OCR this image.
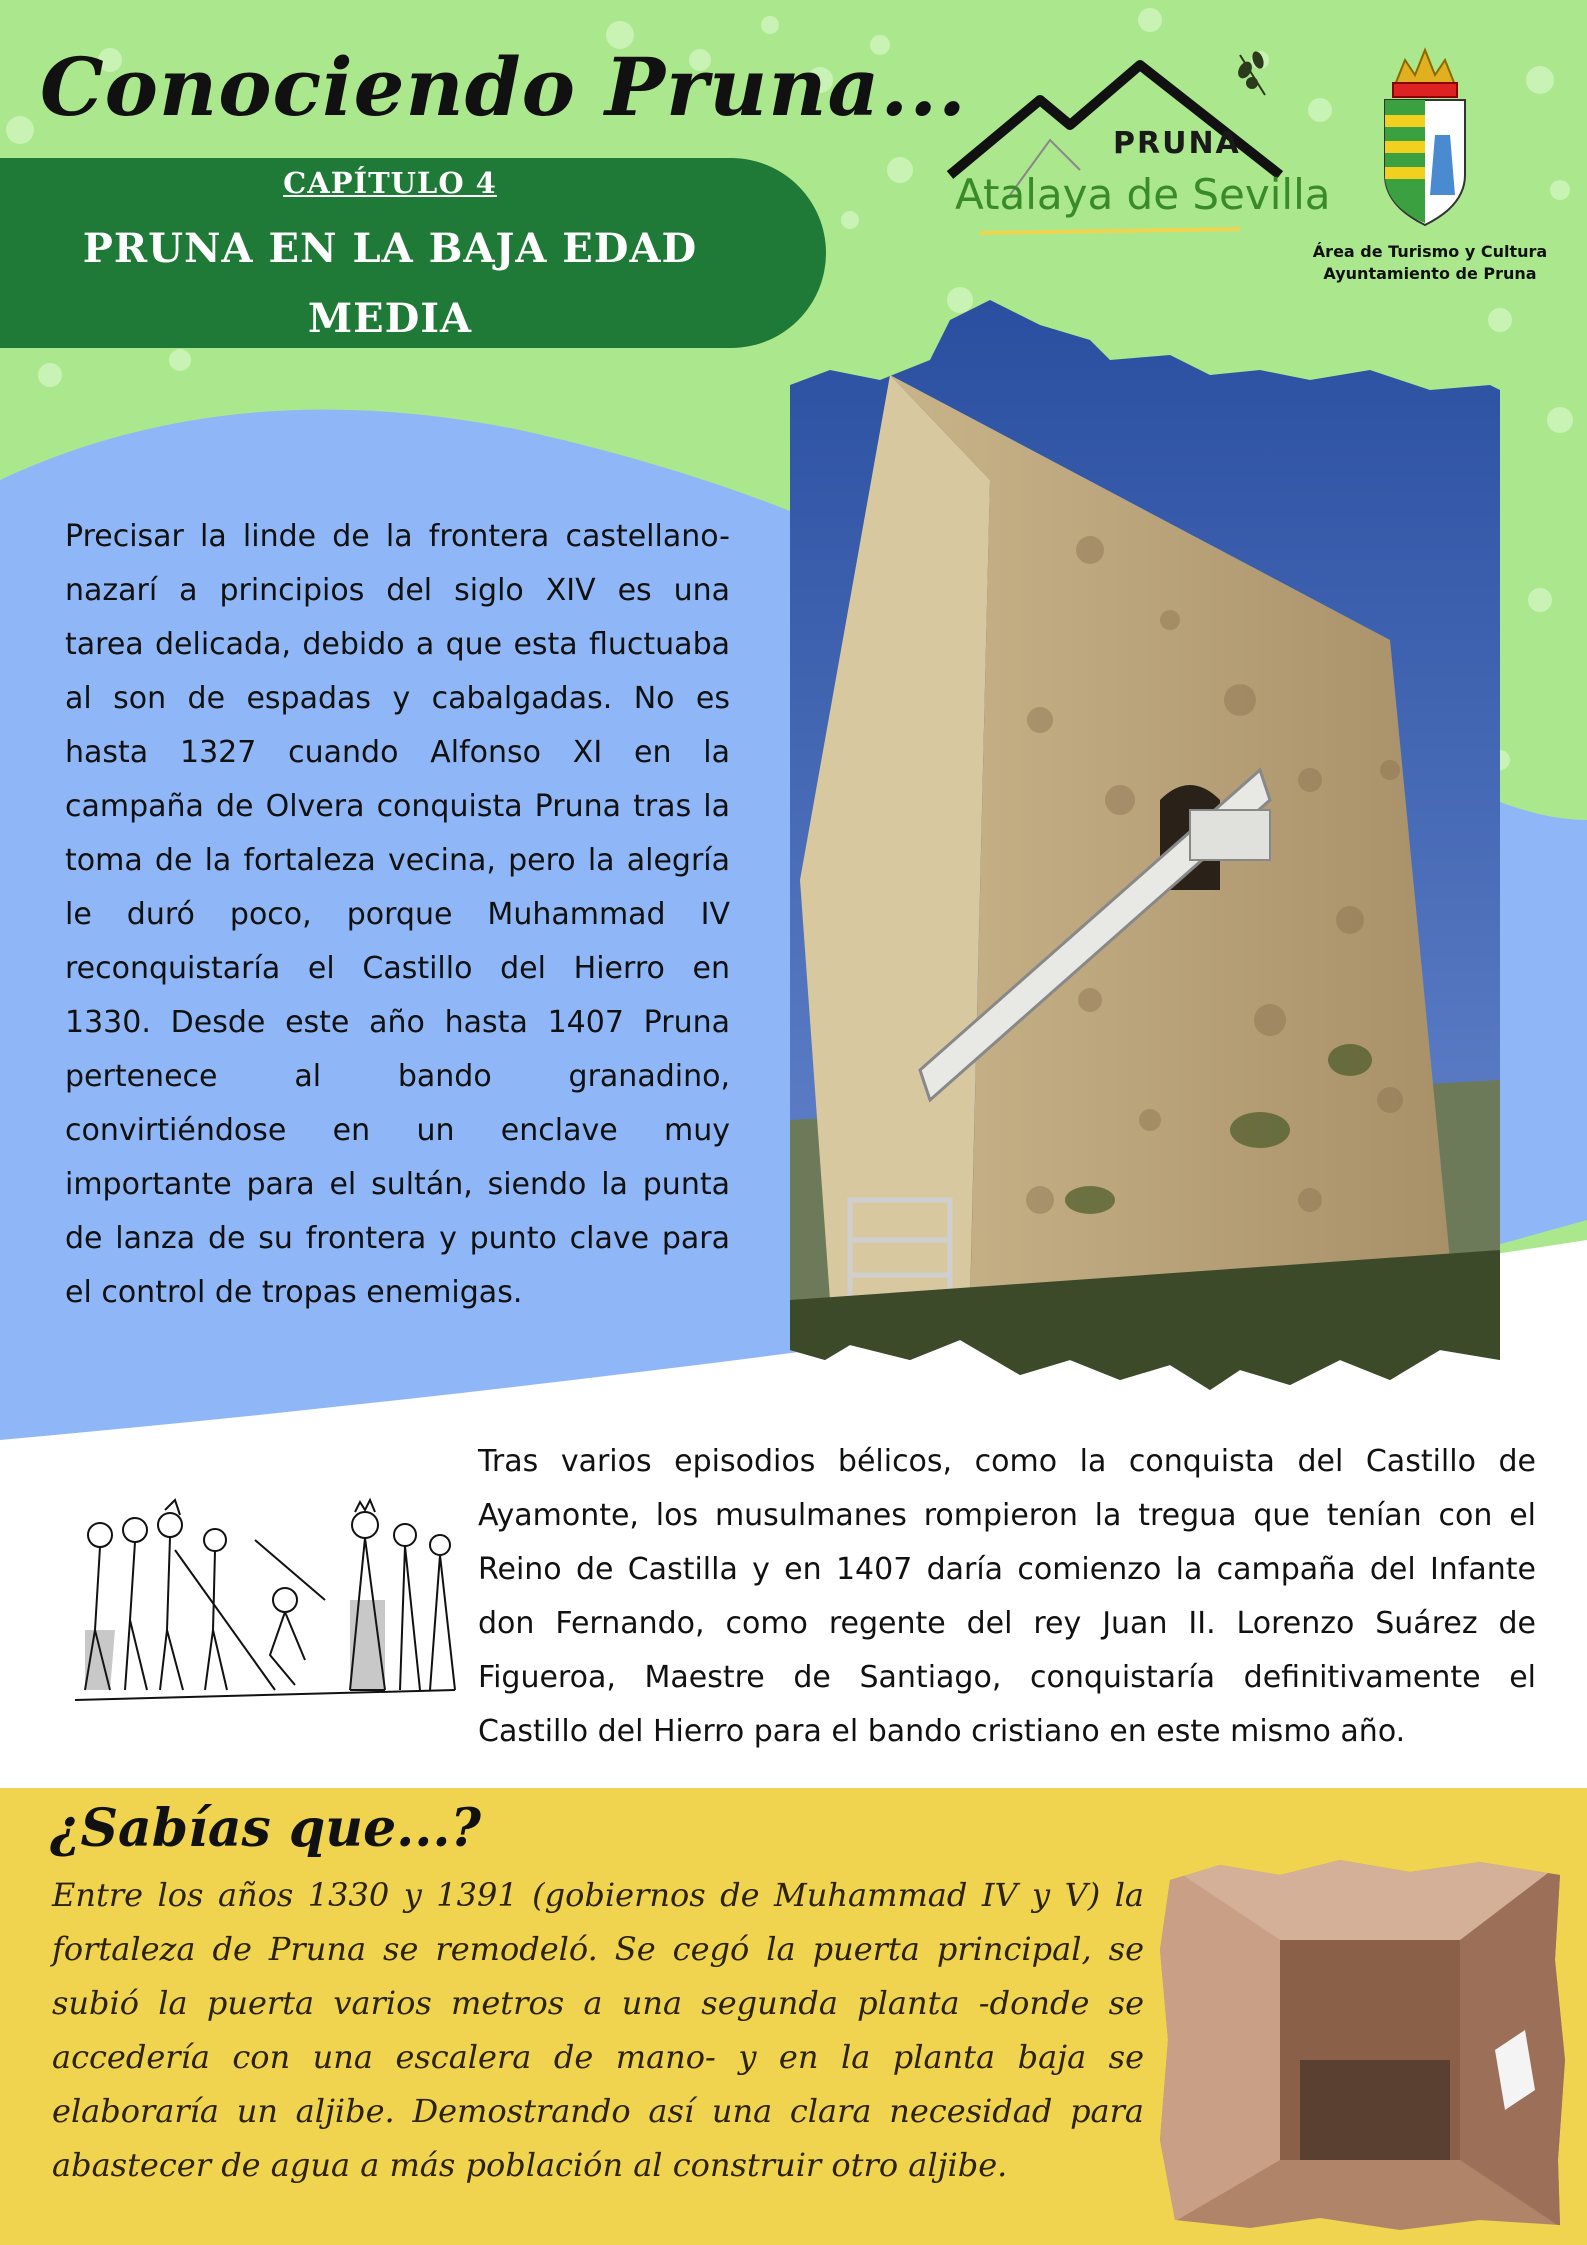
Conociendo Pruna...
CAPÍTULO 4
PRUNA EN LA BAJA EDAD MEDIA
PRUNA
Atalaya de Sevilla
Área de Turismo y Cultura
Ayuntamiento de Pruna
Precisar la linde de la frontera castellano-nazarí a principios del siglo XIV es una tarea delicada, debido a que esta fluctuaba al son de espadas y cabalgadas. No es hasta 1327 cuando Alfonso XI en la campaña de Olvera conquista Pruna tras la toma de la fortaleza vecina, pero la alegría le duró poco, porque Muhammad IV reconquistaría el Castillo del Hierro en 1330. Desde este año hasta 1407 Pruna pertenece al bando granadino, convirtiéndose en un enclave muy importante para el sultán, siendo la punta de lanza de su frontera y punto clave para el control de tropas enemigas.
Tras varios episodios bélicos, como la conquista del Castillo de Ayamonte, los musulmanes rompieron la tregua que tenían con el Reino de Castilla y en 1407 daría comienzo la campaña del Infante don Fernando, como regente del rey Juan II. Lorenzo Suárez de Figueroa, Maestre de Santiago, conquistaría definitivamente el Castillo del Hierro para el bando cristiano en este mismo año.
¿Sabías que...?
Entre los años 1330 y 1391 (gobiernos de Muhammad IV y V) la fortaleza de Pruna se remodeló. Se cegó la puerta principal, se subió la puerta varios metros a una segunda planta -donde se accedería con una escalera de mano- y en la planta baja se elaboraría un aljibe. Demostrando así una clara necesidad para abastecer de agua a más población al construir otro aljibe.
